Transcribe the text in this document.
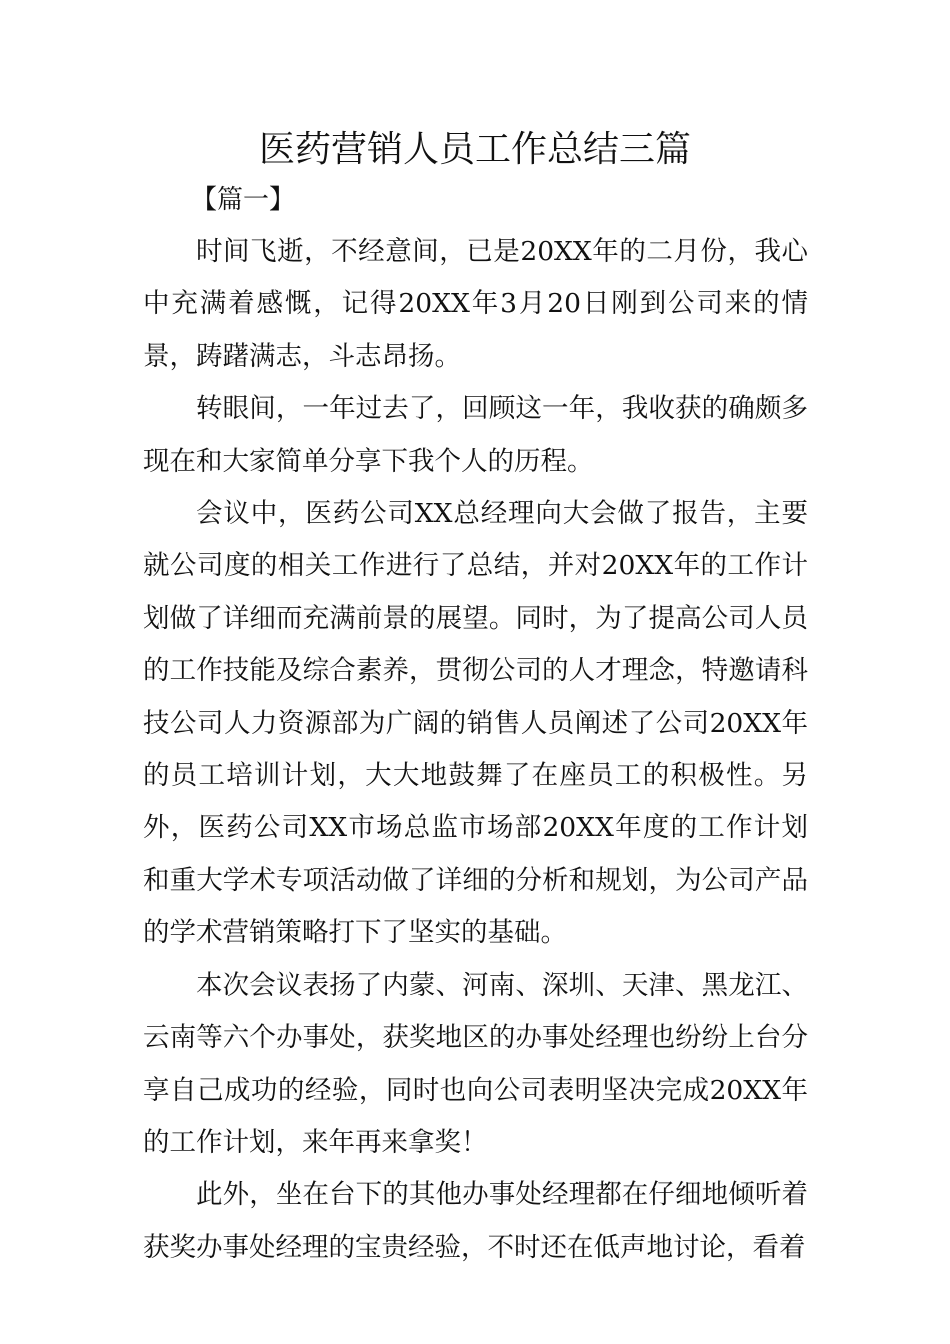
医药营销人员工作总结三篇
【篇一】

时间飞逝，不经意间，已是20XX年的二月份，我心中充满着感慨，记得20XX年3月20日刚到公司来的情景，踌躇满志，斗志昂扬。

转眼间，一年过去了，回顾这一年，我收获的确颇多现在和大家简单分享下我个人的历程。

会议中，医药公司XX总经理向大会做了报告，主要就公司度的相关工作进行了总结，并对20XX年的工作计划做了详细而充满前景的展望。同时，为了提高公司人员的工作技能及综合素养，贯彻公司的人才理念，特邀请科技公司人力资源部为广阔的销售人员阐述了公司20XX年的员工培训计划，大大地鼓舞了在座员工的积极性。另外，医药公司XX市场总监市场部20XX年度的工作计划和重大学术专项活动做了详细的分析和规划，为公司产品的学术营销策略打下了坚实的基础。

本次会议表扬了内蒙、河南、深圳、天津、黑龙江、云南等六个办事处，获奖地区的办事处经理也纷纷上台分享自己成功的经验，同时也向公司表明坚决完成20XX年的工作计划，来年再来拿奖！

此外，坐在台下的其他办事处经理都在仔细地倾听着获奖办事处经理的宝贵经验，不时还在低声地讨论，看着
